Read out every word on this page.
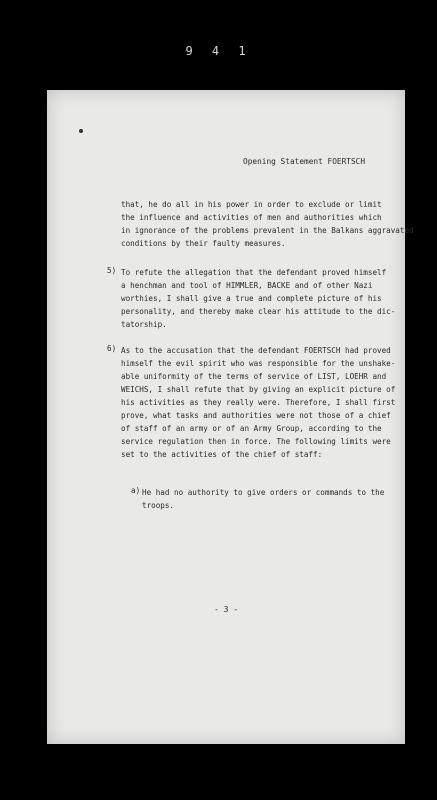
9 4 1
Opening Statement FOERTSCH

that, he do all in his power in order to exclude or limit

the influence and activities of men and authorities which

in ignorance of the problems prevalent in the Balkans aggravated

conditions by their faulty measures.

5) To refute the allegation that the defendant proved himself

a henchman and tool of HIMMLER, BACKE and of other Nazi

worthies, I shall give a true and complete picture of his

personality, and thereby make clear his attitude to the dic-

tatorship.

6) As to the accusation that the defendant FOERTSCH had proved

himself the evil spirit who was responsible for the unshake-

able uniformity of the terms of service of LIST, LOEHR and

WEICHS, I shall refute that by giving an explicit picture of

his activities as they really were. Therefore, I shall first

prove, what tasks and authorities were not those of a chief

of staff of an army or of an Army Group, according to the

service regulation then in force. The following limits were

set to the activities of the chief of staff:

a) He had no authority to give orders or commands to the

troops.

- 3 -
